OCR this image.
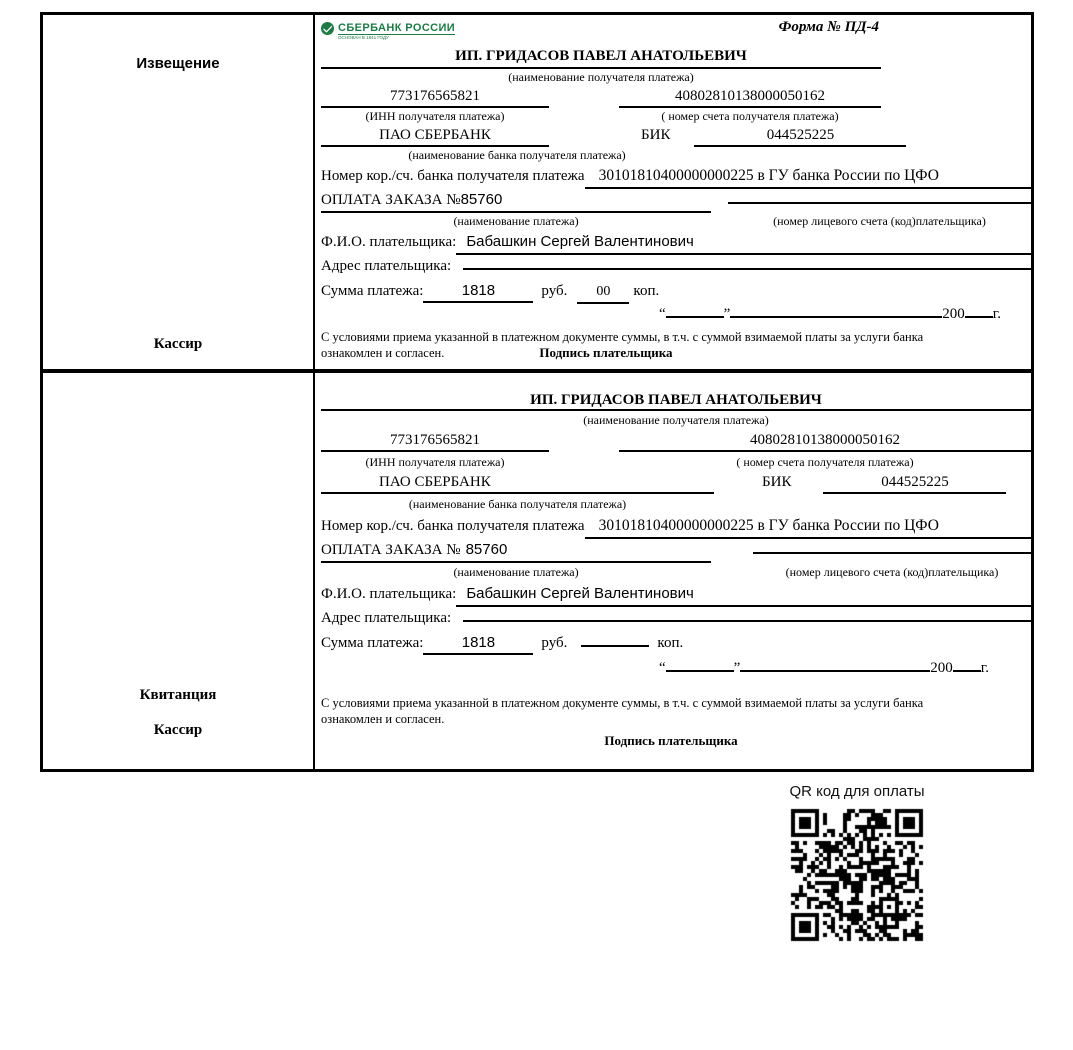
Извещение
Кассир
СБЕРБАНК РОССИИ
ОСНОВАН В 1841 ГОДУ
Форма № ПД-4
ИП. ГРИДАСОВ ПАВЕЛ АНАТОЛЬЕВИЧ
(наименование получателя платежа)
773176565821	40802810138000050162
(ИНН получателя платежа)	( номер счета получателя платежа)
ПАО СБЕРБАНК	БИК	044525225
(наименование банка получателя платежа)
Номер кор./сч. банка получателя платежа 30101810400000000225 в ГУ банка России по ЦФО
ОПЛАТА ЗАКАЗА №85760
(наименование платежа)	(номер лицевого счета (код)плательщика)
Ф.И.О. плательщика: Бабашкин Сергей Валентинович
Адрес плательщика:
Сумма платежа:	1818	руб.	00	коп.
“	”	200 г.
С условиями приема указанной в платежном документе суммы, в т.ч. с суммой взимаемой платы за услуги банка
ознакомлен и согласен.	Подпись плательщика
Квитанция
Кассир
ИП. ГРИДАСОВ ПАВЕЛ АНАТОЛЬЕВИЧ
(наименование получателя платежа)
773176565821	40802810138000050162
(ИНН получателя платежа)	( номер счета получателя платежа)
ПАО СБЕРБАНК	БИК	044525225
(наименование банка получателя платежа)
Номер кор./сч. банка получателя платежа 30101810400000000225 в ГУ банка России по ЦФО
ОПЛАТА ЗАКАЗА № 85760
(наименование платежа)	(номер лицевого счета (код)плательщика)
Ф.И.О. плательщика: Бабашкин Сергей Валентинович
Адрес плательщика:
Сумма платежа:	1818	руб.	коп.
“	”	200 г.
С условиями приема указанной в платежном документе суммы, в т.ч. с суммой взимаемой платы за услуги банка
ознакомлен и согласен.
Подпись плательщика
QR код для оплаты
